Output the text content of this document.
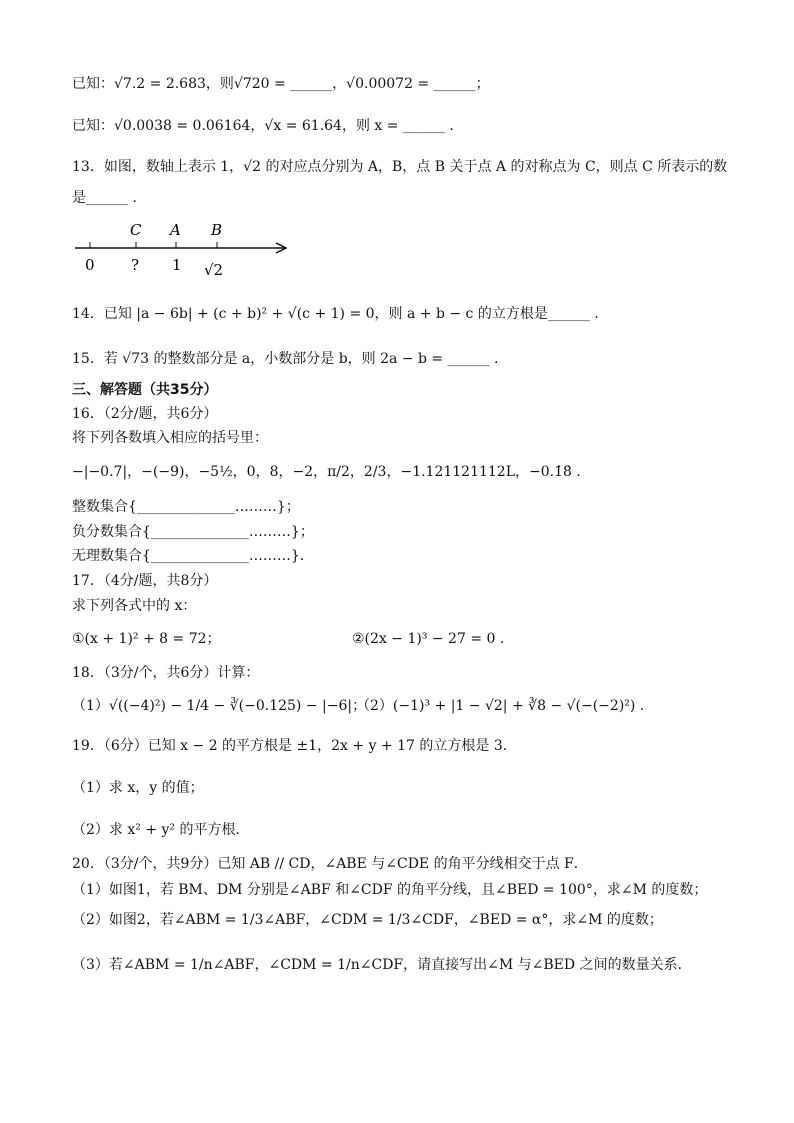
已知：√7.2 = 2.683，则√720 = ______，√0.00072 = ______；
已知：√0.0038 = 0.06164，√x = 61.64，则 x = ______ .
13．如图，数轴上表示 1，√2 的对应点分别为 A，B，点 B 关于点 A 的对称点为 C，则点 C 所表示的数
是______ .
C A B
0 ? 1 √2
14．已知 |a − 6b| + (c + b)² + √(c + 1) = 0，则 a + b − c 的立方根是______ .
15．若 √73 的整数部分是 a，小数部分是 b，则 2a − b = ______ .
三、解答题（共35分）
16．（2分/题，共6分）
将下列各数填入相应的括号里：
−|−0.7|，−(−9)，−5½，0，8，−2，π/2，2/3，−1.121121112L，−0.1̇8̇ .
整数集合{______________………}；
负分数集合{______________………}；
无理数集合{______________………}．
17．（4分/题，共8分）
求下列各式中的 x：
①(x + 1)² + 8 = 72；	②(2x − 1)³ − 27 = 0 .
18．（3分/个，共6分）计算：
（1）√((−4)²) − 1/4 − ∛(−0.125) − |−6|；
（2）(−1)³ + |1 − √2| + ∛8 − √(−(−2)²) .
19．（6分）已知 x − 2 的平方根是 ±1，2x + y + 17 的立方根是 3．
（1）求 x，y 的值；
（2）求 x² + y² 的平方根．
20．（3分/个，共9分）已知 AB // CD，∠ABE 与∠CDE 的角平分线相交于点 F．
（1）如图1，若 BM、DM 分别是∠ABF 和∠CDF 的角平分线，且∠BED = 100°，求∠M 的度数；
（2）如图2，若∠ABM = 1/3∠ABF，∠CDM = 1/3∠CDF，∠BED = α°，求∠M 的度数；
（3）若∠ABM = 1/n∠ABF，∠CDM = 1/n∠CDF，请直接写出∠M 与∠BED 之间的数量关系．
